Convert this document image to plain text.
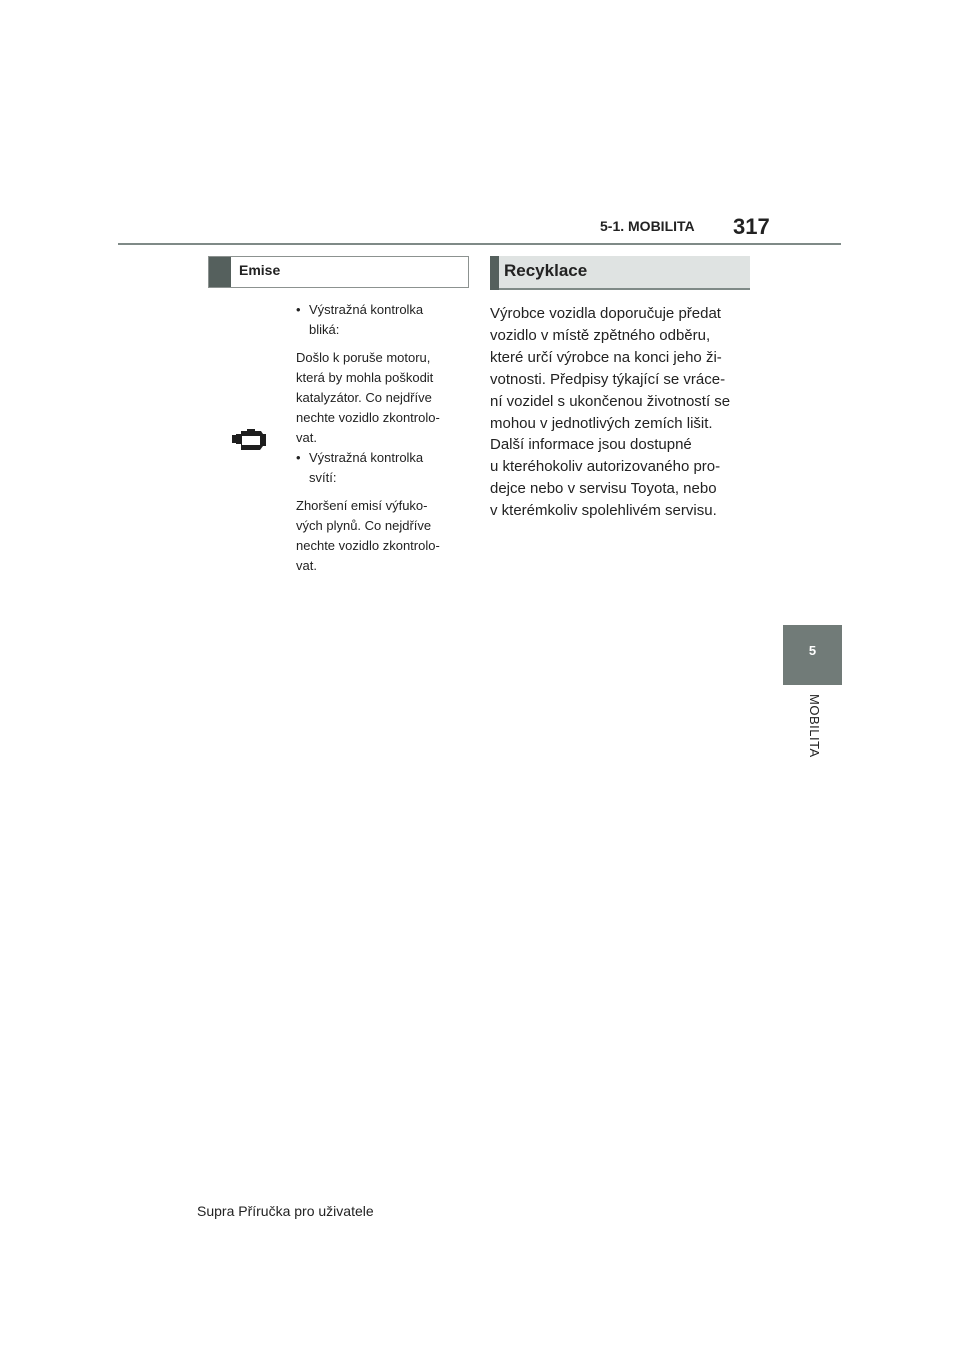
5-1. MOBILITA 317
Emise
• Výstražná kontrolka
bliká:
Došlo k poruše motoru,
která by mohla poškodit
katalyzátor. Co nejdříve
nechte vozidlo zkontrolo-
vat.
• Výstražná kontrolka
svítí:
Zhoršení emisí výfuko-
vých plynů. Co nejdříve
nechte vozidlo zkontrolo-
vat.
Recyklace
Výrobce vozidla doporučuje předat
vozidlo v místě zpětného odběru,
které určí výrobce na konci jeho ži-
votnosti. Předpisy týkající se vráce-
ní vozidel s ukončenou životností se
mohou v jednotlivých zemích lišit.
Další informace jsou dostupné
u kteréhokoliv autorizovaného pro-
dejce nebo v servisu Toyota, nebo
v kterémkoliv spolehlivém servisu.
5
MOBILITA
Supra Příručka pro uživatele
